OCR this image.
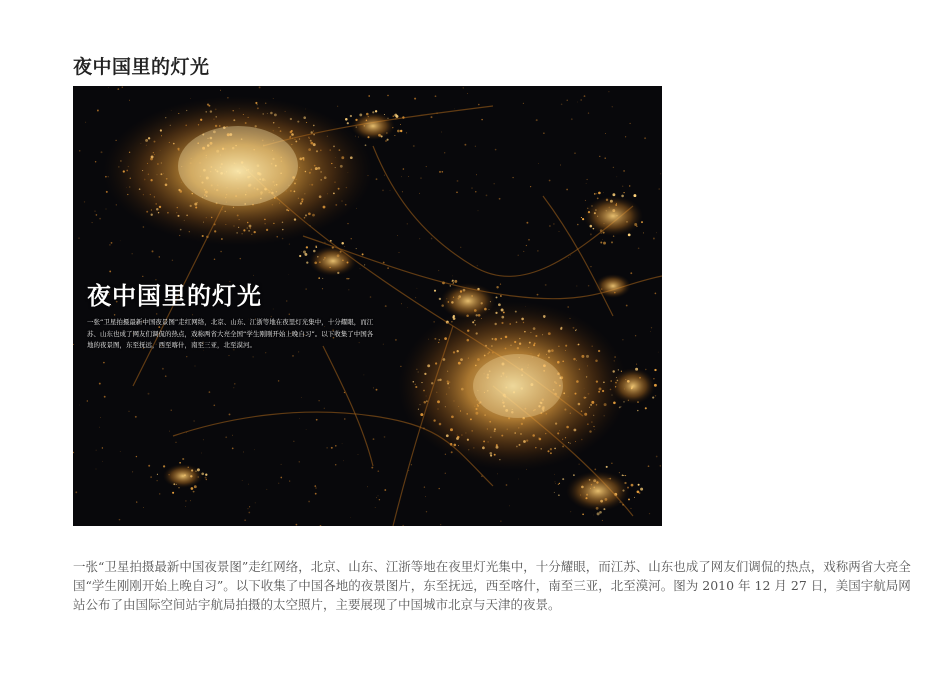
夜中国里的灯光

夜中国里的灯光

一张“卫星拍摄最新中国夜景图”走红网络，北京、山东、江浙等地在夜里灯光集中，十分耀眼，而江苏、山东也成了网友们调侃的热点，戏称两省大亮全国“学生刚刚开始上晚自习”。以下收集了中国各地的夜景图，东至抚远，西至喀什，南至三亚，北至漠河。

一张“卫星拍摄最新中国夜景图”走红网络，北京、山东、江浙等地在夜里灯光集中，十分耀眼，而江苏、山东也成了网友们调侃的热点，戏称两省大亮全国“学生刚刚开始上晚自习”。以下收集了中国各地的夜景图片，东至抚远，西至喀什，南至三亚，北至漠河。图为 2010 年 12 月 27 日，美国宇航局网站公布了由国际空间站宇航局拍摄的太空照片，主要展现了中国城市北京与天津的夜景。
